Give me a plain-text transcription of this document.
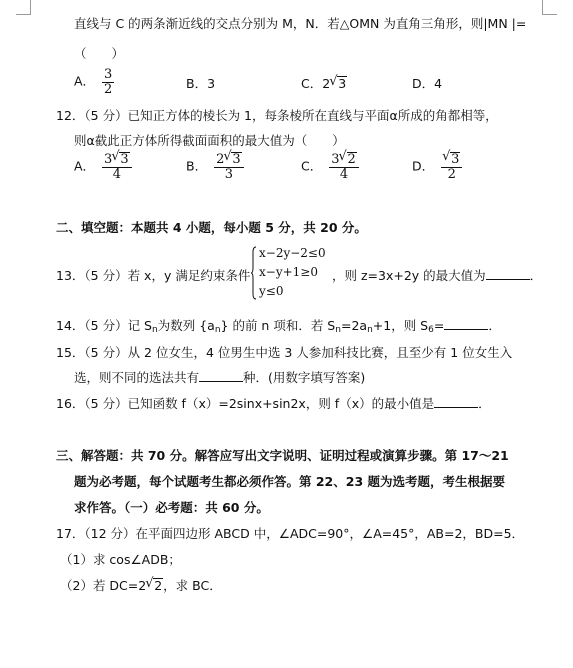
直线与 C 的两条渐近线的交点分别为 M，N．若△OMN 为直角三角形，则|MN |=
（　　）
A． $\frac{3}{2}$	B．3	C．2 √ 3	D．4
12．（5 分）已知正方体的棱长为 1，每条棱所在直线与平面α所成的角都相等，
则α截此正方体所得截面面积的最大值为（　　）
A． $\frac{3 √ 3}{4}$	B． $\frac{2 √ 3}{3}$	C． $\frac{3 √ 2}{4}$	D． √ $\frac{3}{2}$
二、填空题：本题共 4 小题，每小题 5 分，共 20 分。
13．（5 分）若 x，y 满足约束条件
x−2y−2≤0
x−y+1≥0
y≤0
，则 z=3x+2y 的最大值为	．
14．（5 分）记 Sn为数列 {an} 的前 n 项和．若 Sn=2an+1，则 S6=	．
15．（5 分）从 2 位女生，4 位男生中选 3 人参加科技比赛，且至少有 1 位女生入
选，则不同的选法共有	种．(用数字填写答案)
16．（5 分）已知函数 f（x）=2sinx+sin2x，则 f（x）的最小值是	．
三、解答题：共 70 分。解答应写出文字说明、证明过程或演算步骤。第 17～21
题为必考题，每个试题考生都必须作答。第 22、23 题为选考题，考生根据要
求作答。（一）必考题：共 60 分。
17．（12 分）在平面四边形 ABCD 中，∠ADC=90°，∠A=45°，AB=2，BD=5．
（1）求 cos∠ADB；
（2）若 DC=2 √ 2，求 BC．
